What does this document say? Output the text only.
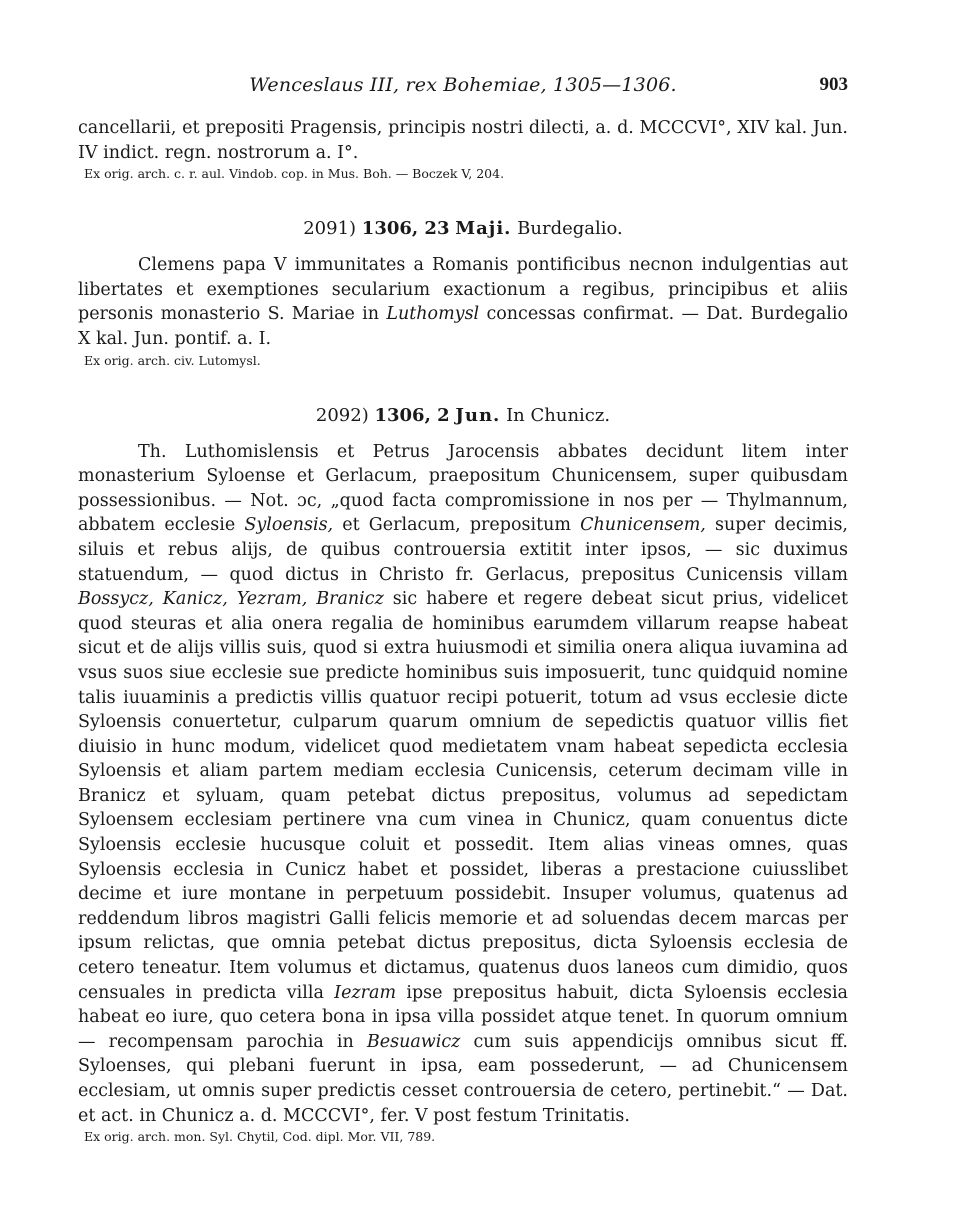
Wenceslaus III, rex Bohemiae, 1305—1306.	903

cancellarii, et prepositi Pragensis, principis nostri dilecti, a. d. MCCCVI°, XIV kal. Jun. IV indict. regn. nostrorum a. I°.

Ex orig. arch. c. r. aul. Vindob. cop. in Mus. Boh. — Boczek V, 204.

2091) 1306, 23 Maji. Burdegalio.

Clemens papa V immunitates a Romanis pontificibus necnon indulgentias aut libertates et exemptiones secularium exactionum a regibus, principibus et aliis personis monasterio S. Mariae in Luthomysl concessas confirmat. — Dat. Burdegalio X kal. Jun. pontif. a. I.

Ex orig. arch. civ. Lutomysl.

2092) 1306, 2 Jun. In Chunicz.

Th. Luthomislensis et Petrus Jarocensis abbates decidunt litem inter monasterium Syloense et Gerlacum, praepositum Chunicensem, super quibusdam possessionibus. — Not. ɔc, „quod facta compromissione in nos per — Thylmannum, abbatem ecclesie Syloensis, et Gerlacum, prepositum Chunicensem, super decimis, siluis et rebus alijs, de quibus controuersia extitit inter ipsos, — sic duximus statuendum, — quod dictus in Christo fr. Gerlacus, prepositus Cunicensis villam Bossycz, Kanicz, Yezram, Branicz sic habere et regere debeat sicut prius, videlicet quod steuras et alia onera regalia de hominibus earumdem villarum reapse habeat sicut et de alijs villis suis, quod si extra huiusmodi et similia onera aliqua iuvamina ad vsus suos siue ecclesie sue predicte hominibus suis imposuerit, tunc quidquid nomine talis iuuaminis a predictis villis quatuor recipi potuerit, totum ad vsus ecclesie dicte Syloensis conuertetur, culparum quarum omnium de sepedictis quatuor villis fiet diuisio in hunc modum, videlicet quod medietatem vnam habeat sepedicta ecclesia Syloensis et aliam partem mediam ecclesia Cunicensis, ceterum decimam ville in Branicz et syluam, quam petebat dictus prepositus, volumus ad sepedictam Syloensem ecclesiam pertinere vna cum vinea in Chunicz, quam conuentus dicte Syloensis ecclesie hucusque coluit et possedit. Item alias vineas omnes, quas Syloensis ecclesia in Cunicz habet et possidet, liberas a prestacione cuiusslibet decime et iure montane in perpetuum possidebit. Insuper volumus, quatenus ad reddendum libros magistri Galli felicis memorie et ad soluendas decem marcas per ipsum relictas, que omnia petebat dictus prepositus, dicta Syloensis ecclesia de cetero teneatur. Item volumus et dictamus, quatenus duos laneos cum dimidio, quos censuales in predicta villa Iezram ipse prepositus habuit, dicta Syloensis ecclesia habeat eo iure, quo cetera bona in ipsa villa possidet atque tenet. In quorum omnium — recompensam parochia in Besuawicz cum suis appendicijs omnibus sicut ff. Syloenses, qui plebani fuerunt in ipsa, eam possederunt, — ad Chunicensem ecclesiam, ut omnis super predictis cesset controuersia de cetero, pertinebit.“ — Dat. et act. in Chunicz a. d. MCCCVI°, fer. V post festum Trinitatis.

Ex orig. arch. mon. Syl. Chytil, Cod. dipl. Mor. VII, 789.
